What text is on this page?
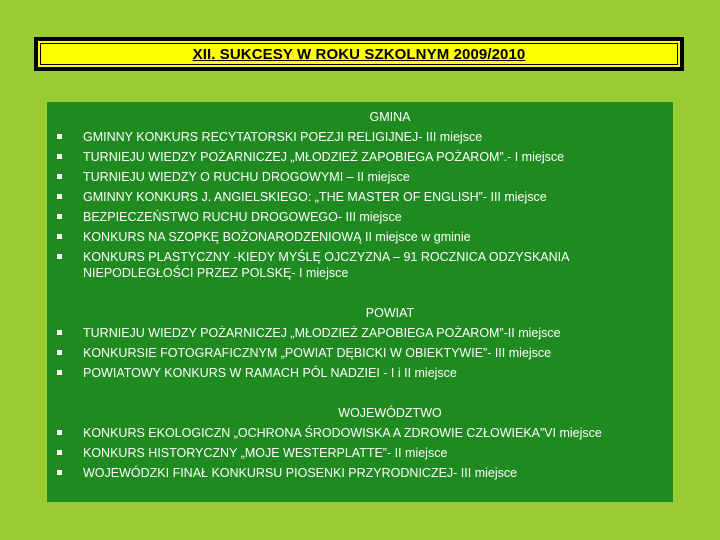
XII. SUKCESY W ROKU SZKOLNYM 2009/2010
GMINA
GMINNY KONKURS RECYTATORSKI POEZJI RELIGIJNEJ- III miejsce
TURNIEJU WIEDZY POŻARNICZEJ „MŁODZIEŻ ZAPOBIEGA POŻAROM”.- I miejsce
TURNIEJU WIEDZY O RUCHU DROGOWYMI – II miejsce
GMINNY KONKURS J. ANGIELSKIEGO: „THE MASTER OF ENGLISH”- III miejsce
BEZPIECZEŃSTWO RUCHU DROGOWEGO- III miejsce
KONKURS NA SZOPKĘ BOŻONARODZENIOWĄ II miejsce w gminie
KONKURS PLASTYCZNY -KIEDY MYŚLĘ OJCZYZNA – 91 ROCZNICA ODZYSKANIA NIEPODLEGŁOŚCI PRZEZ POLSKĘ- I miejsce
POWIAT
TURNIEJU WIEDZY POŻARNICZEJ „MŁODZIEŻ ZAPOBIEGA POŻAROM”-II miejsce
KONKURSIE FOTOGRAFICZNYM „POWIAT DĘBICKI W OBIEKTYWIE”- III miejsce
POWIATOWY KONKURS W RAMACH PÓL NADZIEI - I i II miejsce
WOJEWÓDZTWO
KONKURS EKOLOGICZN „OCHRONA ŚRODOWISKA A ZDROWIE CZŁOWIEKA”VI miejsce
KONKURS HISTORYCZNY „MOJE WESTERPLATTE”- II miejsce
WOJEWÓDZKI FINAŁ KONKURSU PIOSENKI PRZYRODNICZEJ- III miejsce
